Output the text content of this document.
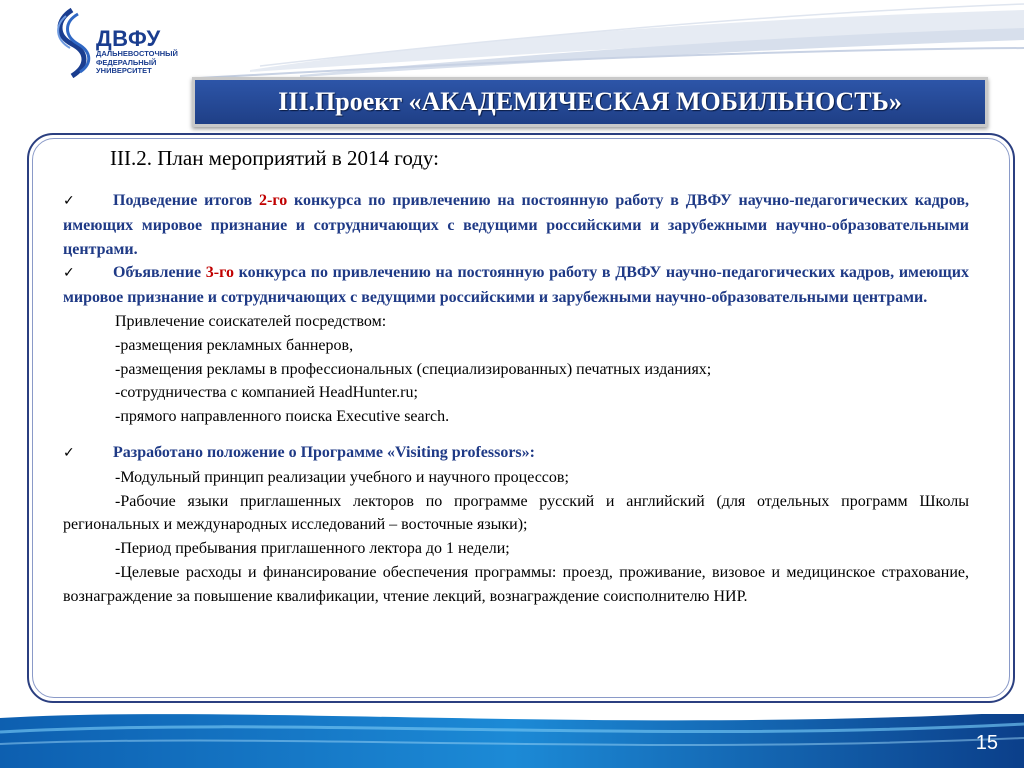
ДВФУ
ДАЛЬНЕВОСТОЧНЫЙ ФЕДЕРАЛЬНЫЙ УНИВЕРСИТЕТ
III.Проект «АКАДЕМИЧЕСКАЯ МОБИЛЬНОСТЬ»
III.2. План мероприятий в 2014 году:

✓ Подведение итогов 2-го конкурса по привлечению на постоянную работу в ДВФУ научно-педагогических кадров, имеющих мировое признание и сотрудничающих с ведущими российскими и зарубежными научно-образовательными центрами.

✓ Объявление 3-го конкурса по привлечению на постоянную работу в ДВФУ научно-педагогических кадров, имеющих мировое признание и сотрудничающих с ведущими российскими и зарубежными научно-образовательными центрами.

Привлечение соискателей посредством:

-размещения рекламных баннеров,

-размещения рекламы в профессиональных (специализированных) печатных изданиях;

-сотрудничества с компанией HeadHunter.ru;

-прямого направленного поиска Executive search.

✓ Разработано положение о Программе «Visiting professors»:

-Модульный принцип реализации учебного и научного процессов;

-Рабочие языки приглашенных лекторов по программе русский и английский (для отдельных программ Школы региональных и международных исследований – восточные языки);

-Период пребывания приглашенного лектора до 1 недели;

-Целевые расходы и финансирование обеспечения программы: проезд, проживание, визовое и медицинское страхование, вознаграждение за повышение квалификации, чтение лекций, вознаграждение соисполнителю НИР.

15
